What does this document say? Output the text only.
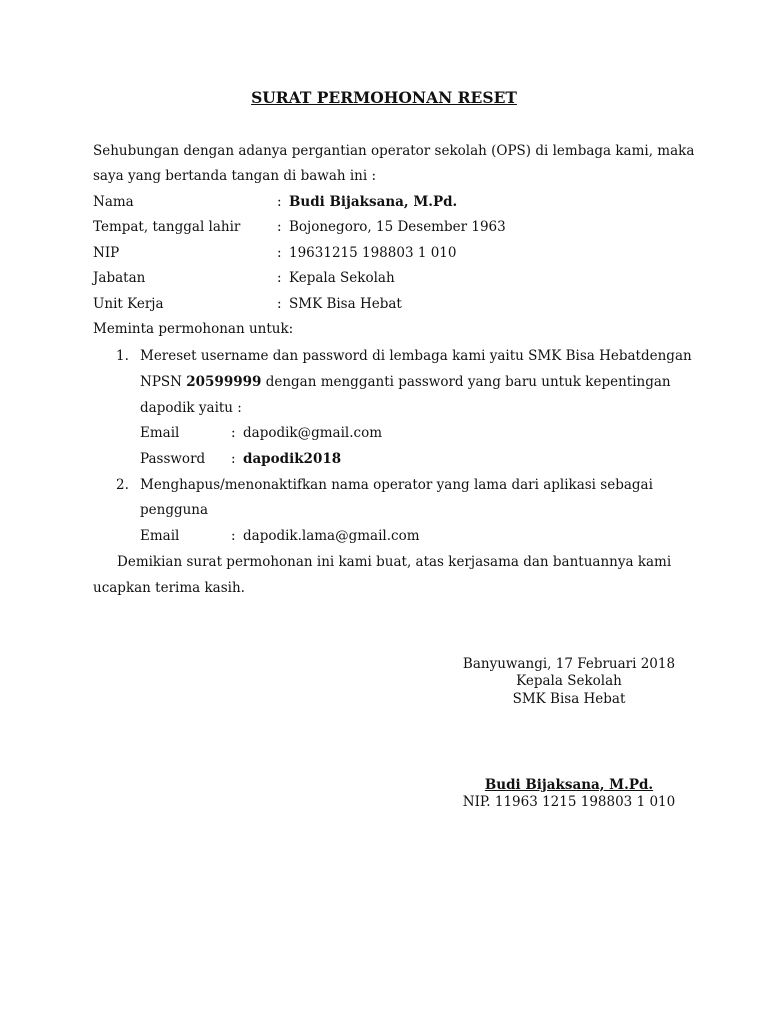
SURAT PERMOHONAN RESET
Sehubungan dengan adanya pergantian operator sekolah (OPS) di lembaga kami, maka
saya yang bertanda tangan di bawah ini :
Nama	: Budi Bijaksana, M.Pd.
Tempat, tanggal lahir	: Bojonegoro, 15 Desember 1963
NIP	: 19631215 198803 1 010
Jabatan	: Kepala Sekolah
Unit Kerja	: SMK Bisa Hebat
Meminta permohonan untuk:
1. Mereset username dan password di lembaga kami yaitu SMK Bisa Hebatdengan
NPSN 20599999 dengan mengganti password yang baru untuk kepentingan
dapodik yaitu :
Email	: dapodik@gmail.com
Password : dapodik2018
2. Menghapus/menonaktifkan nama operator yang lama dari aplikasi sebagai
pengguna
Email	: dapodik.lama@gmail.com
Demikian surat permohonan ini kami buat, atas kerjasama dan bantuannya kami
ucapkan terima kasih.
Banyuwangi, 17 Februari 2018
Kepala Sekolah
SMK Bisa Hebat
Budi Bijaksana, M.Pd.
NIP. 11963 1215 198803 1 010
